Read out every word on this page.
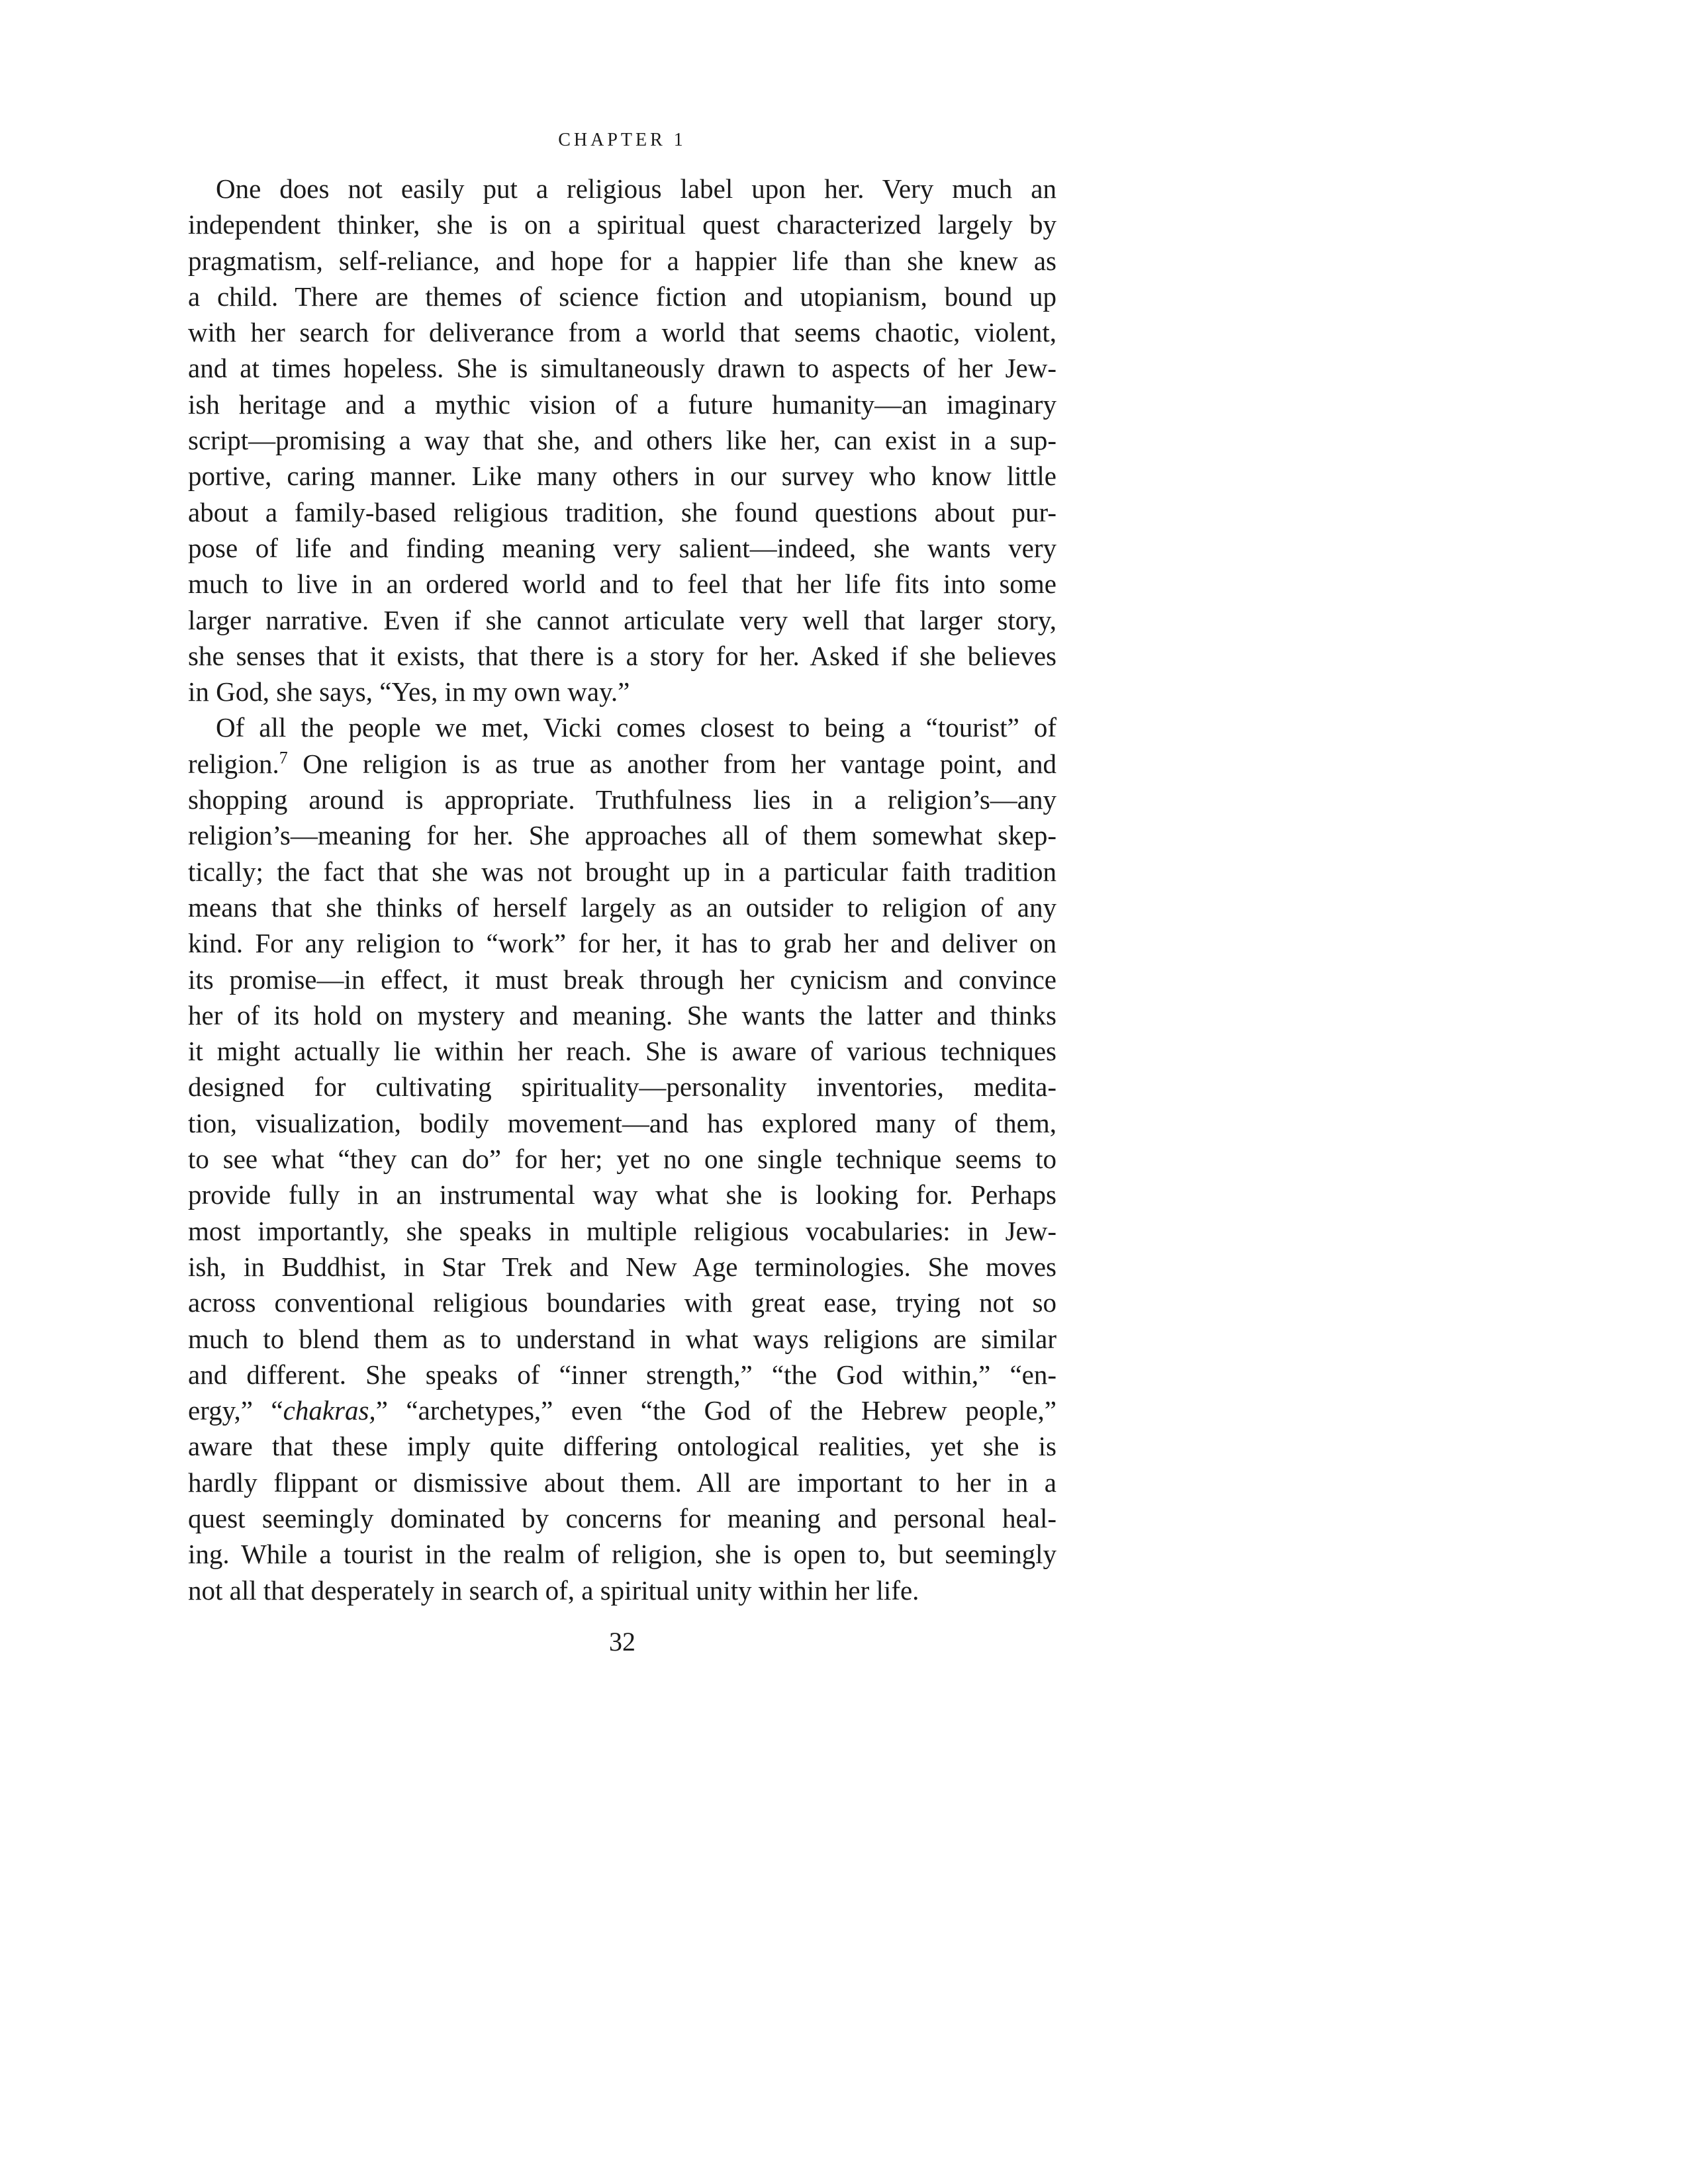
CHAPTER 1
One does not easily put a religious label upon her. Very much an
independent thinker, she is on a spiritual quest characterized largely by
pragmatism, self-reliance, and hope for a happier life than she knew as
a child. There are themes of science fiction and utopianism, bound up
with her search for deliverance from a world that seems chaotic, violent,
and at times hopeless. She is simultaneously drawn to aspects of her Jew-
ish heritage and a mythic vision of a future humanity—an imaginary
script—promising a way that she, and others like her, can exist in a sup-
portive, caring manner. Like many others in our survey who know little
about a family-based religious tradition, she found questions about pur-
pose of life and finding meaning very salient—indeed, she wants very
much to live in an ordered world and to feel that her life fits into some
larger narrative. Even if she cannot articulate very well that larger story,
she senses that it exists, that there is a story for her. Asked if she believes
in God, she says, “Yes, in my own way.”
Of all the people we met, Vicki comes closest to being a “tourist” of
religion.$^7$ One religion is as true as another from her vantage point, and
shopping around is appropriate. Truthfulness lies in a religion’s—any
religion’s—meaning for her. She approaches all of them somewhat skep-
tically; the fact that she was not brought up in a particular faith tradition
means that she thinks of herself largely as an outsider to religion of any
kind. For any religion to “work” for her, it has to grab her and deliver on
its promise—in effect, it must break through her cynicism and convince
her of its hold on mystery and meaning. She wants the latter and thinks
it might actually lie within her reach. She is aware of various techniques
designed for cultivating spirituality—personality inventories, medita-
tion, visualization, bodily movement—and has explored many of them,
to see what “they can do” for her; yet no one single technique seems to
provide fully in an instrumental way what she is looking for. Perhaps
most importantly, she speaks in multiple religious vocabularies: in Jew-
ish, in Buddhist, in Star Trek and New Age terminologies. She moves
across conventional religious boundaries with great ease, trying not so
much to blend them as to understand in what ways religions are similar
and different. She speaks of “inner strength,” “the God within,” “en-
ergy,” “chakras,” “archetypes,” even “the God of the Hebrew people,”
aware that these imply quite differing ontological realities, yet she is
hardly flippant or dismissive about them. All are important to her in a
quest seemingly dominated by concerns for meaning and personal heal-
ing. While a tourist in the realm of religion, she is open to, but seemingly
not all that desperately in search of, a spiritual unity within her life.
32
